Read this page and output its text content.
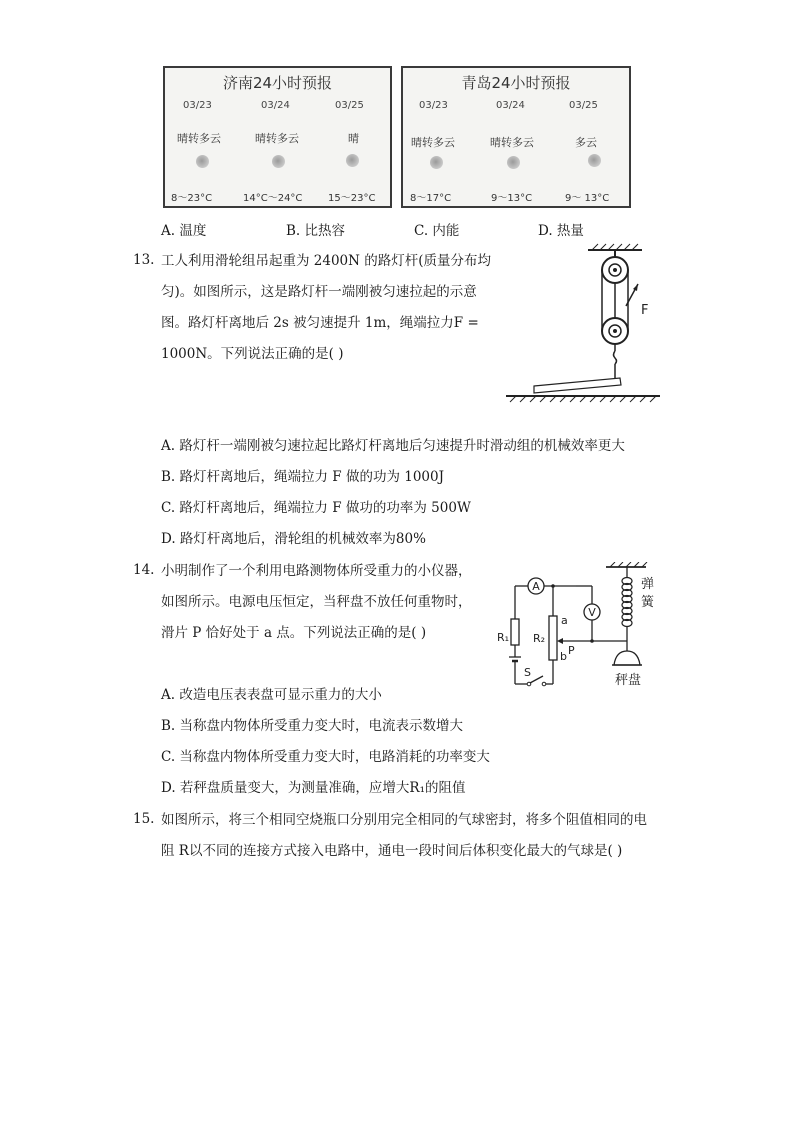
济南24小时预报
03/23	03/24	03/25
晴转多云	晴转多云	晴
8～23°C	14°C～24°C	15～23°C
青岛24小时预报
03/23	03/24	03/25
晴转多云	晴转多云	多云
8～17°C	9～13°C	9～ 13°C
A. 温度	B. 比热容	C. 内能	D. 热量
13. 工人利用滑轮组吊起重为 2400N 的路灯杆(质量分布均
匀)。如图所示，这是路灯杆一端刚被匀速拉起的示意
图。路灯杆离地后 2s 被匀速提升 1m，绳端拉力F =
1000N。下列说法正确的是( )
F
A. 路灯杆一端刚被匀速拉起比路灯杆离地后匀速提升时滑动组的机械效率更大
B. 路灯杆离地后，绳端拉力 F 做的功为 1000J
C. 路灯杆离地后，绳端拉力 F 做功的功率为 500W
D. 路灯杆离地后，滑轮组的机械效率为80%
14. 小明制作了一个利用电路测物体所受重力的小仪器，
如图所示。电源电压恒定，当秤盘不放任何重物时，
滑片 P 恰好处于 a 点。下列说法正确的是( )
弹
簧
秤盘
A
R₁
S
R₂
a
b P
V
A. 改造电压表表盘可显示重力的大小
B. 当称盘内物体所受重力变大时，电流表示数增大
C. 当称盘内物体所受重力变大时，电路消耗的功率变大
D. 若秤盘质量变大，为测量准确，应增大R₁的阻值
15. 如图所示，将三个相同空烧瓶口分别用完全相同的气球密封，将多个阻值相同的电
阻 R以不同的连接方式接入电路中，通电一段时间后体积变化最大的气球是( )
